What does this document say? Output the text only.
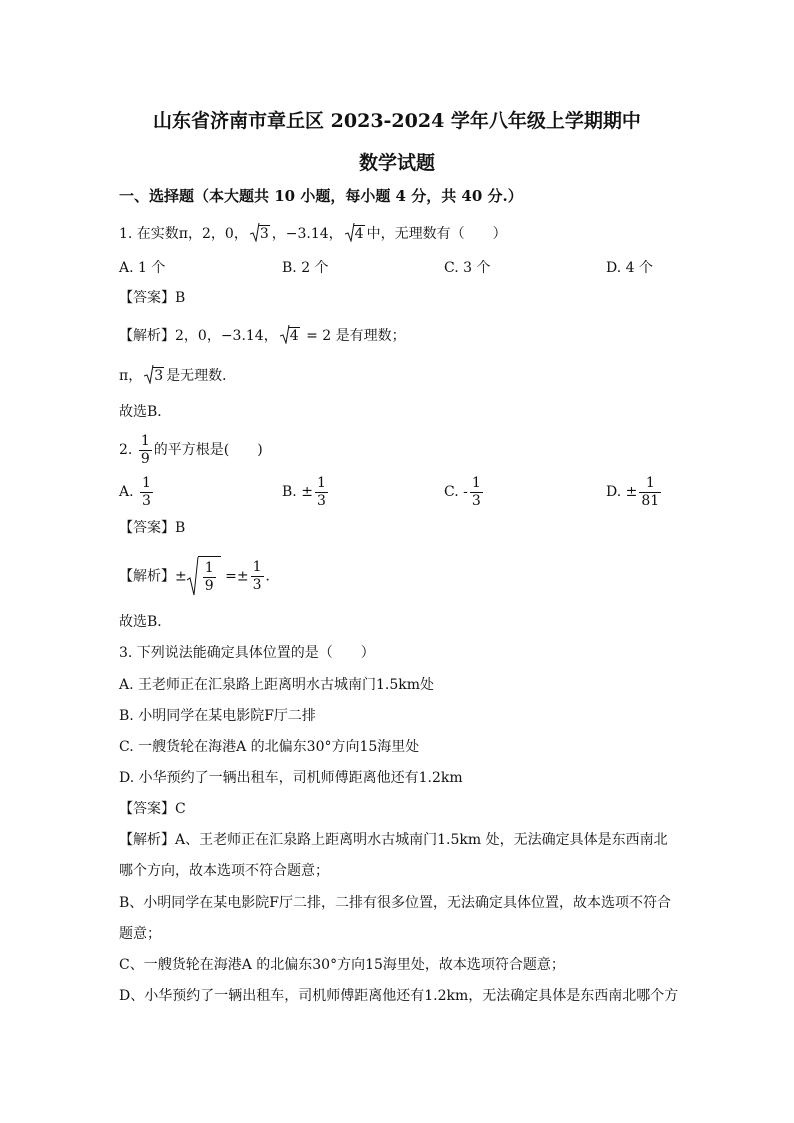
山东省济南市章丘区 2023-2024 学年八年级上学期期中
数学试题
一、选择题（本大题共 10 小题，每小题 4 分，共 40 分.）
1. 在实数π，2，0， 3 ，−3.14， 4 中，无理数有（　　）
A. 1 个	B. 2 个	C. 3 个	D. 4 个
【答案】B
【解析】2，0，−3.14， 4 = 2 是有理数；
π， 3 是无理数．
故选B．
2. $\frac{1}{9}$ 的平方根是(　　)
A. $\frac{1}{3}$	B. ± $\frac{1}{3}$	C. - $\frac{1}{3}$	D. ± $\frac{1}{81}$
【答案】B
【解析】± $\frac{1}{9} =\pm \frac{1}{3}$ ．
故选B．
3. 下列说法能确定具体位置的是（　　）
A. 王老师正在汇泉路上距离明水古城南门1.5km处
B. 小明同学在某电影院F厅二排
C. 一艘货轮在海港A 的北偏东30°方向15海里处
D. 小华预约了一辆出租车，司机师傅距离他还有1.2km
【答案】C
【解析】A、王老师正在汇泉路上距离明水古城南门1.5km 处，无法确定具体是东西南北
哪个方向，故本选项不符合题意；
B、小明同学在某电影院F厅二排，二排有很多位置，无法确定具体位置，故本选项不符合
题意；
C、一艘货轮在海港A 的北偏东30°方向15海里处，故本选项符合题意；
D、小华预约了一辆出租车，司机师傅距离他还有1.2km，无法确定具体是东西南北哪个方
